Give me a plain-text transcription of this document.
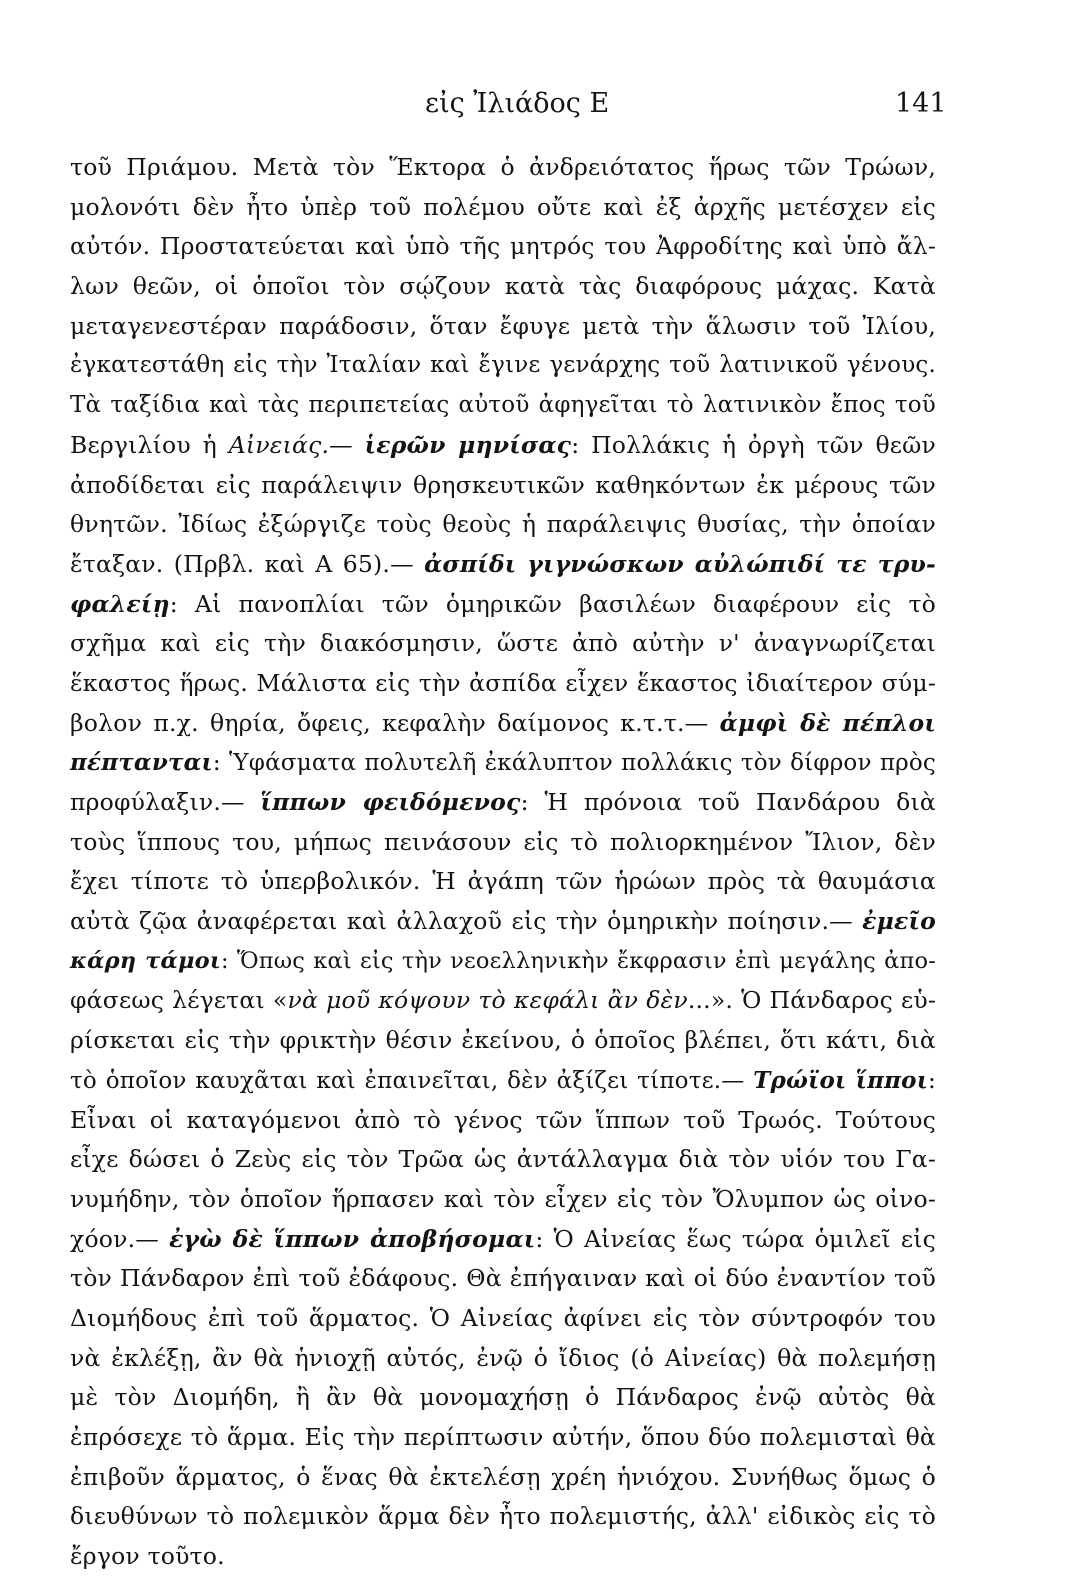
εἰς Ἰλιάδος Ε	141
τοῦ Πριάμου. Μετὰ τὸν Ἕκτορα ὁ ἀνδρειότατος ἥρως τῶν Τρώων,
μολονότι δὲν ἦτο ὑπὲρ τοῦ πολέμου οὔτε καὶ ἐξ ἀρχῆς μετέσχεν εἰς
αὐτόν. Προστατεύεται καὶ ὑπὸ τῆς μητρός του Ἀφροδίτης καὶ ὑπὸ ἄλ-
λων θεῶν, οἱ ὁποῖοι τὸν σῴζουν κατὰ τὰς διαφόρους μάχας. Κατὰ
μεταγενεστέραν παράδοσιν, ὅταν ἔφυγε μετὰ τὴν ἅλωσιν τοῦ Ἰλίου,
ἐγκατεστάθη εἰς τὴν Ἰταλίαν καὶ ἔγινε γενάρχης τοῦ λατινικοῦ γένους.
Τὰ ταξίδια καὶ τὰς περιπετείας αὐτοῦ ἀφηγεῖται τὸ λατινικὸν ἔπος τοῦ
Βεργιλίου ἡ Αἰνειάς.— ἱερῶν μηνίσας: Πολλάκις ἡ ὀργὴ τῶν θεῶν
ἀποδίδεται εἰς παράλειψιν θρησκευτικῶν καθηκόντων ἐκ μέρους τῶν
θνητῶν. Ἰδίως ἐξώργιζε τοὺς θεοὺς ἡ παράλειψις θυσίας, τὴν ὁποίαν
ἔταξαν. (Πρβλ. καὶ Α 65).— ἀσπίδι γιγνώσκων αὐλώπιδί τε τρυ-
φαλείῃ: Αἱ πανοπλίαι τῶν ὁμηρικῶν βασιλέων διαφέρουν εἰς τὸ
σχῆμα καὶ εἰς τὴν διακόσμησιν, ὥστε ἀπὸ αὐτὴν ν' ἀναγνωρίζεται
ἕκαστος ἥρως. Μάλιστα εἰς τὴν ἀσπίδα εἶχεν ἕκαστος ἰδιαίτερον σύμ-
βολον π.χ. θηρία, ὄφεις, κεφαλὴν δαίμονος κ.τ.τ.— ἀμφὶ δὲ πέπλοι
πέπτανται: Ὑφάσματα πολυτελῆ ἐκάλυπτον πολλάκις τὸν δίφρον πρὸς
προφύλαξιν.— ἵππων φειδόμενος: Ἡ πρόνοια τοῦ Πανδάρου διὰ
τοὺς ἵππους του, μήπως πεινάσουν εἰς τὸ πολιορκημένον Ἴλιον, δὲν
ἔχει τίποτε τὸ ὑπερβολικόν. Ἡ ἀγάπη τῶν ἡρώων πρὸς τὰ θαυμάσια
αὐτὰ ζῷα ἀναφέρεται καὶ ἀλλαχοῦ εἰς τὴν ὁμηρικὴν ποίησιν.— ἐμεῖο
κάρη τάμοι: Ὅπως καὶ εἰς τὴν νεοελληνικὴν ἔκφρασιν ἐπὶ μεγάλης ἀπο-
φάσεως λέγεται «νὰ μοῦ κόψουν τὸ κεφάλι ἂν δὲν...». Ὁ Πάνδαρος εὑ-
ρίσκεται εἰς τὴν φρικτὴν θέσιν ἐκείνου, ὁ ὁποῖος βλέπει, ὅτι κάτι, διὰ
τὸ ὁποῖον καυχᾶται καὶ ἐπαινεῖται, δὲν ἀξίζει τίποτε.— Τρώϊοι ἵπποι:
Εἶναι οἱ καταγόμενοι ἀπὸ τὸ γένος τῶν ἵππων τοῦ Τρωός. Τούτους
εἶχε δώσει ὁ Ζεὺς εἰς τὸν Τρῶα ὡς ἀντάλλαγμα διὰ τὸν υἱόν του Γα-
νυμήδην, τὸν ὁποῖον ἥρπασεν καὶ τὸν εἶχεν εἰς τὸν Ὄλυμπον ὡς οἰνο-
χόον.— ἐγὼ δὲ ἵππων ἀποβήσομαι: Ὁ Αἰνείας ἕως τώρα ὁμιλεῖ εἰς
τὸν Πάνδαρον ἐπὶ τοῦ ἐδάφους. Θὰ ἐπήγαιναν καὶ οἱ δύο ἐναντίον τοῦ
Διομήδους ἐπὶ τοῦ ἅρματος. Ὁ Αἰνείας ἀφίνει εἰς τὸν σύντροφόν του
νὰ ἐκλέξῃ, ἂν θὰ ἡνιοχῇ αὐτός, ἐνῷ ὁ ἴδιος (ὁ Αἰνείας) θὰ πολεμήσῃ
μὲ τὸν Διομήδη, ἢ ἂν θὰ μονομαχήσῃ ὁ Πάνδαρος ἐνῷ αὐτὸς θὰ
ἐπρόσεχε τὸ ἅρμα. Εἰς τὴν περίπτωσιν αὐτήν, ὅπου δύο πολεμισταὶ θὰ
ἐπιβοῦν ἅρματος, ὁ ἕνας θὰ ἐκτελέσῃ χρέη ἡνιόχου. Συνήθως ὅμως ὁ
διευθύνων τὸ πολεμικὸν ἅρμα δὲν ἦτο πολεμιστής, ἀλλ' εἰδικὸς εἰς τὸ
ἔργον τοῦτο.
